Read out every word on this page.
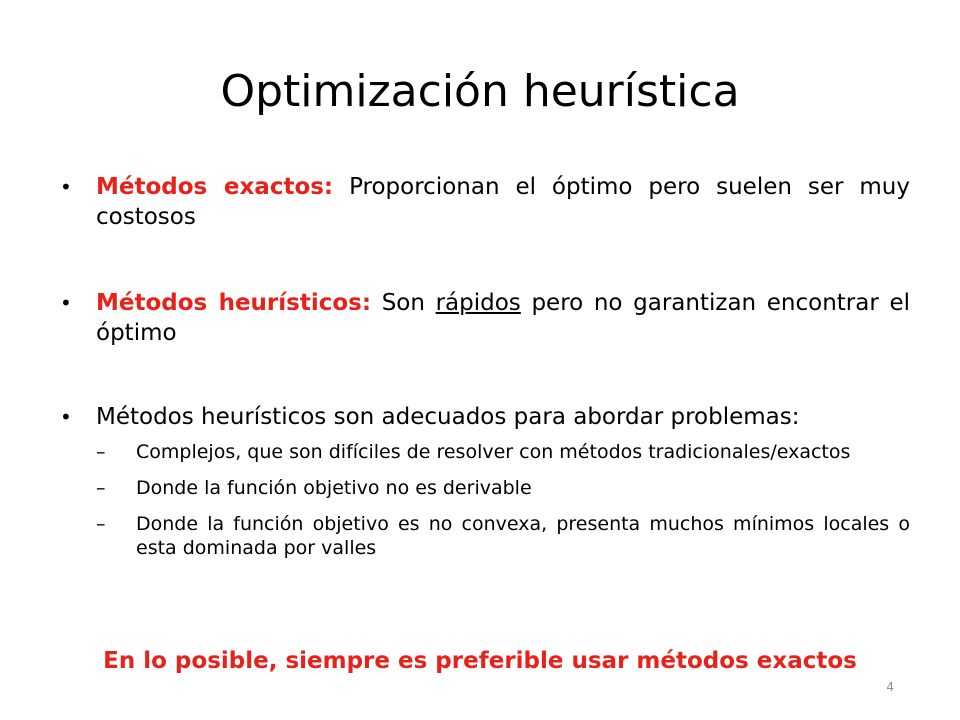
Optimización heurística
• Métodos exactos: Proporcionan el óptimo pero suelen ser muy costosos
• Métodos heurísticos: Son rápidos pero no garantizan encontrar el óptimo
• Métodos heurísticos son adecuados para abordar problemas:
– Complejos, que son difíciles de resolver con métodos tradicionales/exactos
– Donde la función objetivo no es derivable
– Donde la función objetivo es no convexa, presenta muchos mínimos locales o esta dominada por valles
En lo posible, siempre es preferible usar métodos exactos
4
